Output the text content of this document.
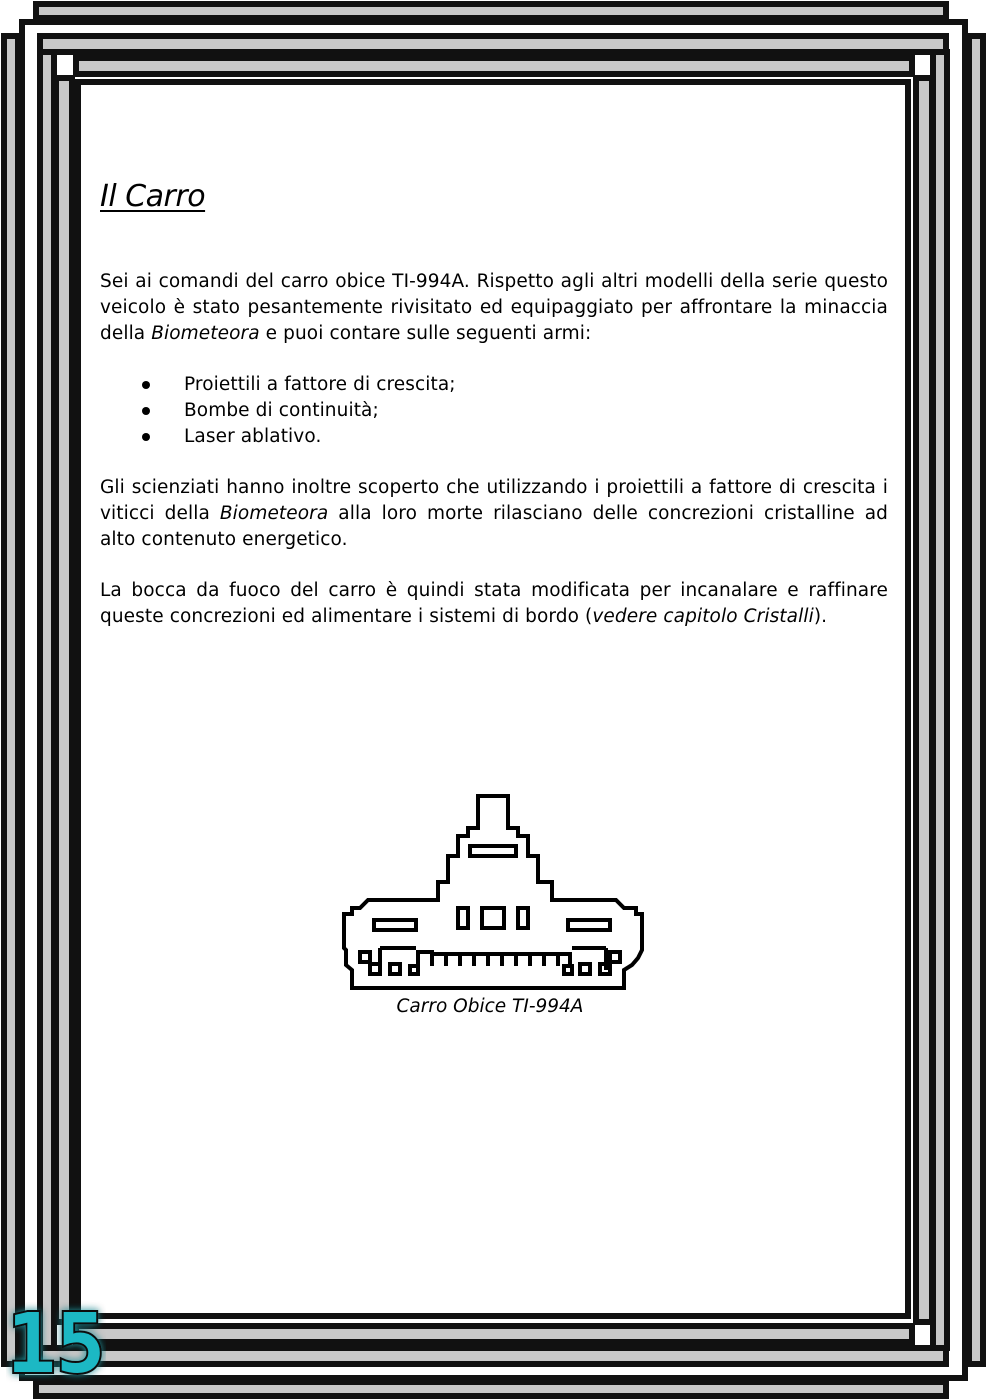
Il Carro

Sei ai comandi del carro obice TI-994A. Rispetto agli altri modelli della serie questo veicolo è stato pesantemente rivisitato ed equipaggiato per affrontare la minaccia della Biometeora e puoi contare sulle seguenti armi:

Proiettili a fattore di crescita;
Bombe di continuità;
Laser ablativo.

Gli scienziati hanno inoltre scoperto che utilizzando i proiettili a fattore di crescita i viticci della Biometeora alla loro morte rilasciano delle concrezioni cristalline ad alto contenuto energetico.

La bocca da fuoco del carro è quindi stata modificata per incanalare e raffinare queste concrezioni ed alimentare i sistemi di bordo (vedere capitolo Cristalli).

Carro Obice TI-994A
15
